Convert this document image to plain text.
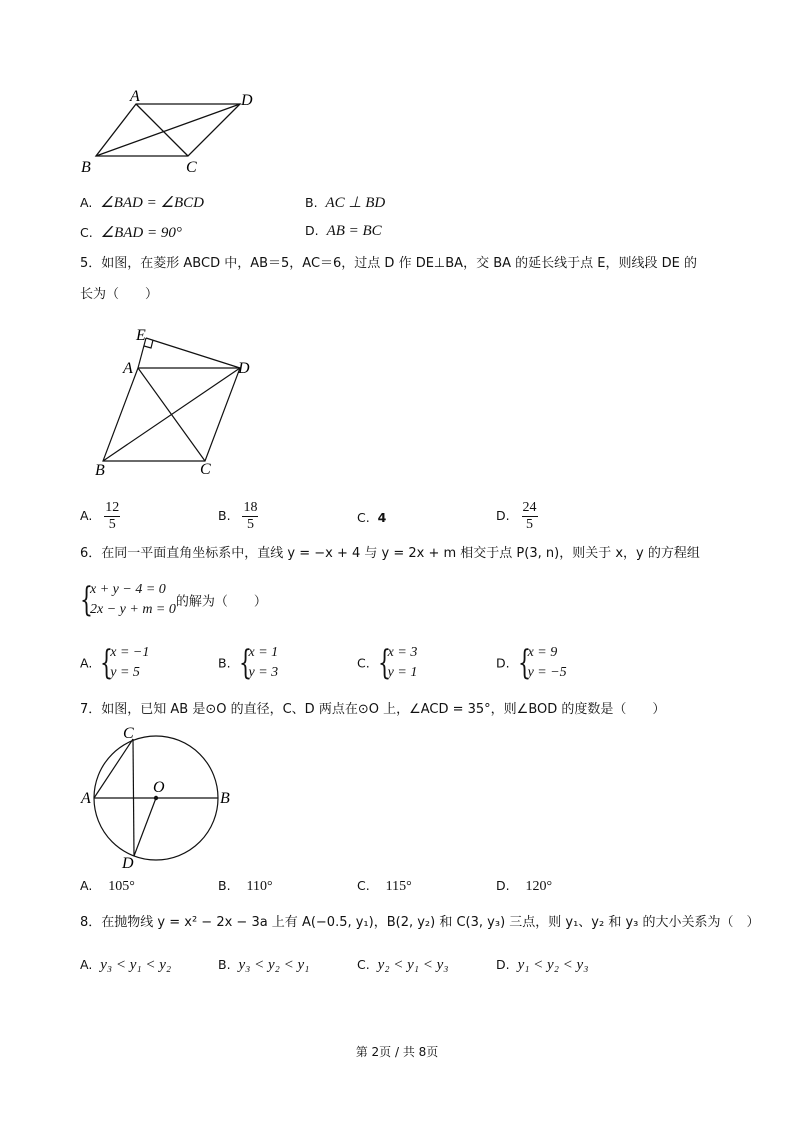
A	D
B	C
A. ∠BAD = ∠BCD	B. AC ⊥ BD
C. ∠BAD = 90°	D. AB = BC
5．如图，在菱形 ABCD 中，AB＝5，AC＝6，过点 D 作 DE⊥BA，交 BA 的延长线于点 E，则线段 DE 的
长为（　　）
E
A	D
B	C
A. $\frac{12}{5}$	B. $\frac{18}{5}$	C. 4	D. $\frac{24}{5}$
6．在同一平面直角坐标系中，直线 y = −x + 4 与 y = 2x + m 相交于点 P(3, n)，则关于 x，y 的方程组
{
x + y − 4 = 0
2x − y + m = 0 的解为（　　）
A. {
x = −1
y = 5
B. {
x = 1
y = 3
C. {
x = 3
y = 1
D. {
x = 9
y = −5
7．如图，已知 AB 是⊙O 的直径，C、D 两点在⊙O 上，∠ACD = 35°，则∠BOD 的度数是（　　）
C
A
O
B
D
A. 105°	B. 110°	C. 115°	D. 120°
8．在抛物线 y = x² − 2x − 3a 上有 A(−0.5, y₁)，B(2, y₂) 和 C(3, y₃) 三点，则 y₁、y₂ 和 y₃ 的大小关系为（　）
A. y₃ < y₁ < y₂	B. y₃ < y₂ < y₁	C. y₂ < y₁ < y₃	D. y₁ < y₂ < y₃
第 2页 / 共 8页
